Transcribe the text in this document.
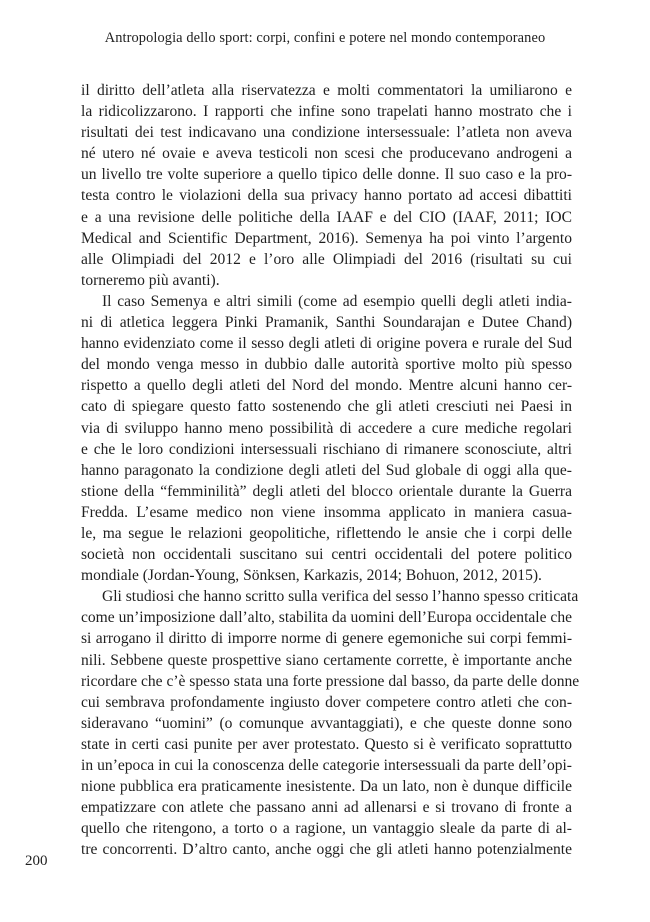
Antropologia dello sport: corpi, confini e potere nel mondo contemporaneo
il diritto dell’atleta alla riservatezza e molti commentatori la umiliarono e
la ridicolizzarono. I rapporti che infine sono trapelati hanno mostrato che i
risultati dei test indicavano una condizione intersessuale: l’atleta non aveva
né utero né ovaie e aveva testicoli non scesi che producevano androgeni a
un livello tre volte superiore a quello tipico delle donne. Il suo caso e la pro-
testa contro le violazioni della sua privacy hanno portato ad accesi dibattiti
e a una revisione delle politiche della IAAF e del CIO (IAAF, 2011; IOC
Medical and Scientific Department, 2016). Semenya ha poi vinto l’argento
alle Olimpiadi del 2012 e l’oro alle Olimpiadi del 2016 (risultati su cui
torneremo più avanti).
Il caso Semenya e altri simili (come ad esempio quelli degli atleti india-
ni di atletica leggera Pinki Pramanik, Santhi Soundarajan e Dutee Chand)
hanno evidenziato come il sesso degli atleti di origine povera e rurale del Sud
del mondo venga messo in dubbio dalle autorità sportive molto più spesso
rispetto a quello degli atleti del Nord del mondo. Mentre alcuni hanno cer-
cato di spiegare questo fatto sostenendo che gli atleti cresciuti nei Paesi in
via di sviluppo hanno meno possibilità di accedere a cure mediche regolari
e che le loro condizioni intersessuali rischiano di rimanere sconosciute, altri
hanno paragonato la condizione degli atleti del Sud globale di oggi alla que-
stione della “femminilità” degli atleti del blocco orientale durante la Guerra
Fredda. L’esame medico non viene insomma applicato in maniera casua-
le, ma segue le relazioni geopolitiche, riflettendo le ansie che i corpi delle
società non occidentali suscitano sui centri occidentali del potere politico
mondiale (Jordan-Young, Sönksen, Karkazis, 2014; Bohuon, 2012, 2015).
Gli studiosi che hanno scritto sulla verifica del sesso l’hanno spesso criticata
come un’imposizione dall’alto, stabilita da uomini dell’Europa occidentale che
si arrogano il diritto di imporre norme di genere egemoniche sui corpi femmi-
nili. Sebbene queste prospettive siano certamente corrette, è importante anche
ricordare che c’è spesso stata una forte pressione dal basso, da parte delle donne
cui sembrava profondamente ingiusto dover competere contro atleti che con-
sideravano “uomini” (o comunque avvantaggiati), e che queste donne sono
state in certi casi punite per aver protestato. Questo si è verificato soprattutto
in un’epoca in cui la conoscenza delle categorie intersessuali da parte dell’opi-
nione pubblica era praticamente inesistente. Da un lato, non è dunque difficile
empatizzare con atlete che passano anni ad allenarsi e si trovano di fronte a
quello che ritengono, a torto o a ragione, un vantaggio sleale da parte di al-
tre concorrenti. D’altro canto, anche oggi che gli atleti hanno potenzialmente
200
